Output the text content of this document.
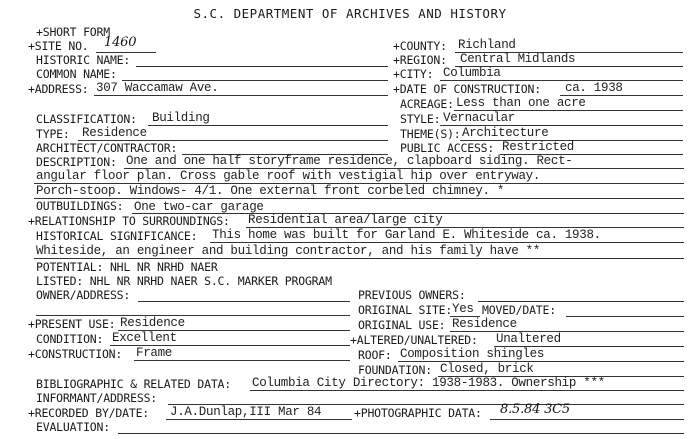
S.C. DEPARTMENT OF ARCHIVES AND HISTORY
+SHORT FORM
+SITE NO. 1460	+COUNTY: Richland
HISTORIC NAME:	+REGION: Central Midlands
COMMON NAME:	+CITY: Columbia
+ADDRESS: 307 Waccamaw Ave.	+DATE OF CONSTRUCTION: ca. 1938
ACREAGE: Less than one acre
CLASSIFICATION: Building	STYLE: Vernacular
TYPE: Residence	THEME(S): Architecture
ARCHITECT/CONTRACTOR:	PUBLIC ACCESS: Restricted
DESCRIPTION: One and one half storyframe residence, clapboard siding. Rect-
angular floor plan. Cross gable roof with vestigial hip over entryway.
Porch-stoop. Windows- 4/1. One external front corbeled chimney. *
OUTBUILDINGS: One two-car garage
+RELATIONSHIP TO SURROUNDINGS: Residential area/large city
HISTORICAL SIGNIFICANCE: This home was built for Garland E. Whiteside ca. 1938.
Whiteside, an engineer and building contractor, and his family have **
POTENTIAL: NHL NR NRHD NAER
LISTED: NHL NR NRHD NAER S.C. MARKER PROGRAM
OWNER/ADDRESS:	PREVIOUS OWNERS:
ORIGINAL SITE: Yes MOVED/DATE:
+PRESENT USE: Residence	ORIGINAL USE: Residence
CONDITION: Excellent	+ALTERED/UNALTERED: Unaltered
+CONSTRUCTION: Frame	ROOF: Composition shingles
FOUNDATION: Closed, brick
BIBLIOGRAPHIC & RELATED DATA: Columbia City Directory: 1938-1983. Ownership ***
INFORMANT/ADDRESS:
+RECORDED BY/DATE: J.A.Dunlap,III Mar 84	+PHOTOGRAPHIC DATA: 8.5.84 3C5
EVALUATION:
